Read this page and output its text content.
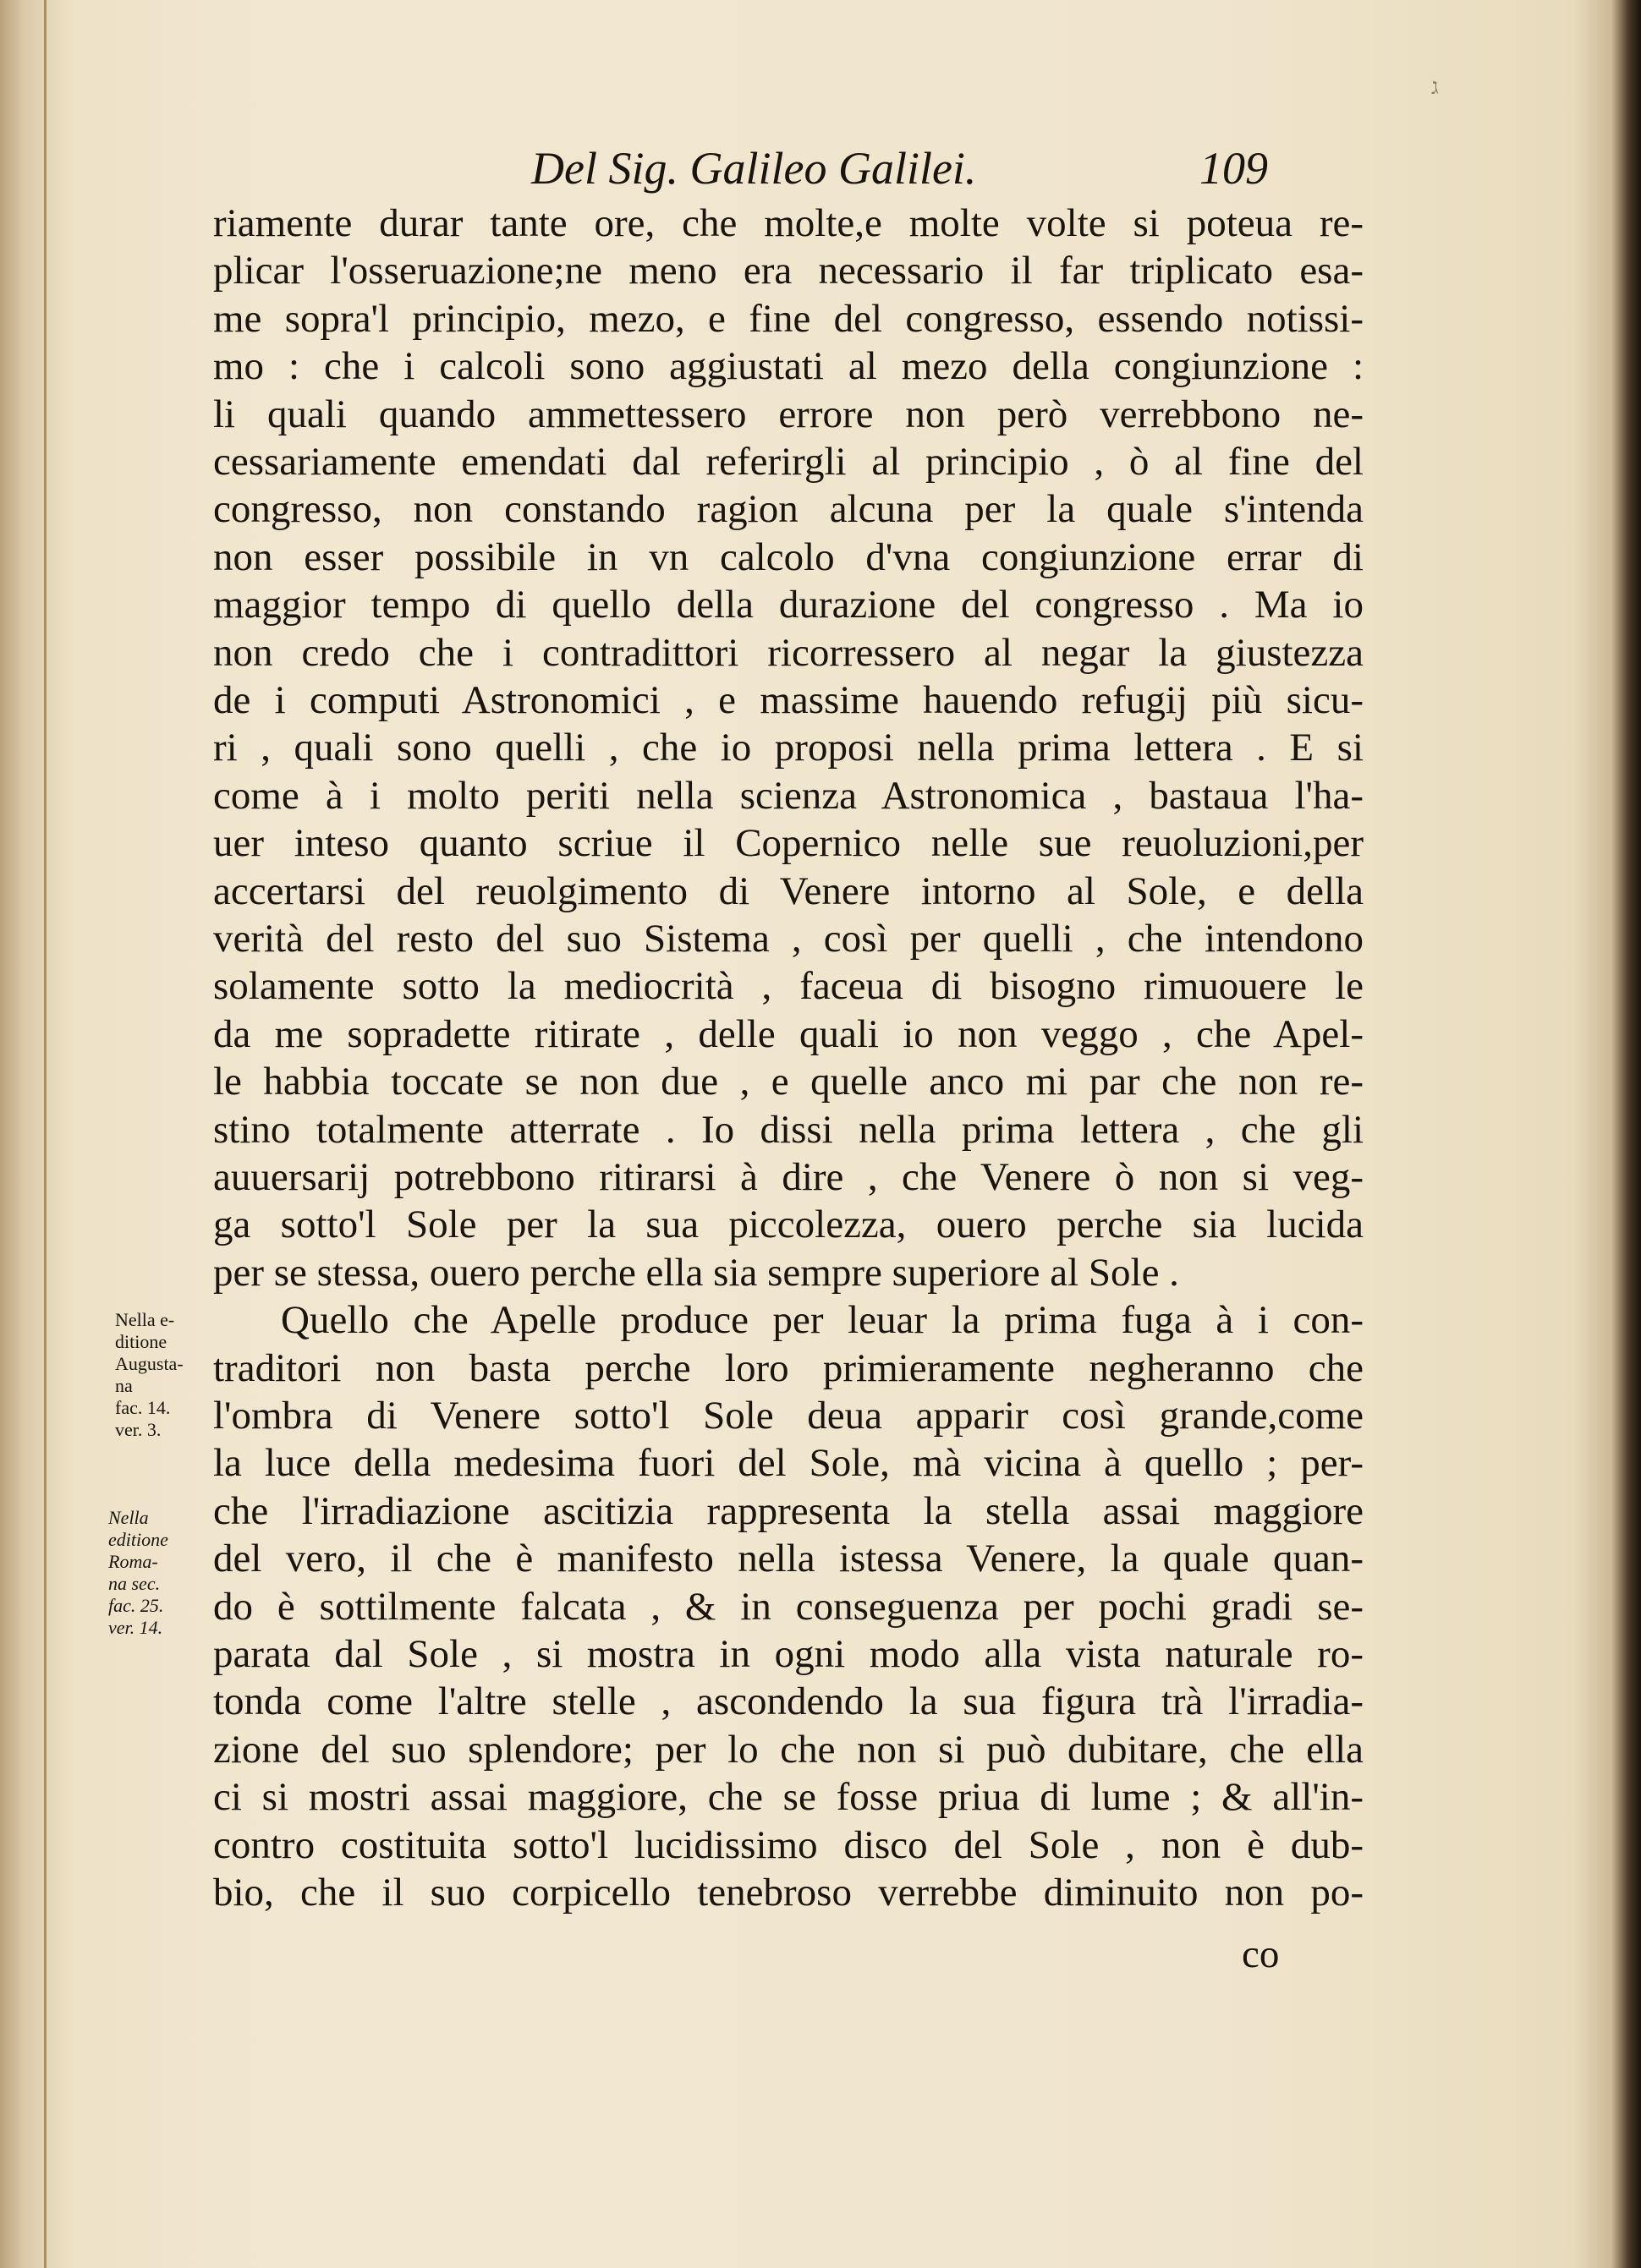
ג
Del Sig. Galileo Galilei.	109
riamente durar tante ore, che molte,e molte volte si poteua re-
plicar l'osseruazione;ne meno era necessario il far triplicato esa-
me sopra'l principio, mezo, e fine del congresso, essendo notissi-
mo : che i calcoli sono aggiustati al mezo della congiunzione :
li quali quando ammettessero errore non però verrebbono ne-
cessariamente emendati dal referirgli al principio , ò al fine del
congresso, non constando ragion alcuna per la quale s'intenda
non esser possibile in vn calcolo d'vna congiunzione errar di
maggior tempo di quello della durazione del congresso . Ma io
non credo che i contradittori ricorressero al negar la giustezza
de i computi Astronomici , e massime hauendo refugij più sicu-
ri , quali sono quelli , che io proposi nella prima lettera . E si
come à i molto periti nella scienza Astronomica , bastaua l'ha-
uer inteso quanto scriue il Copernico nelle sue reuoluzioni,per
accertarsi del reuolgimento di Venere intorno al Sole, e della
verità del resto del suo Sistema , così per quelli , che intendono
solamente sotto la mediocrità , faceua di bisogno rimuouere le
da me sopradette ritirate , delle quali io non veggo , che Apel-
le habbia toccate se non due , e quelle anco mi par che non re-
stino totalmente atterrate . Io dissi nella prima lettera , che gli
auuersarij potrebbono ritirarsi à dire , che Venere ò non si veg-
ga sotto'l Sole per la sua piccolezza, ouero perche sia lucida
per se stessa, ouero perche ella sia sempre superiore al Sole .
Quello che Apelle produce per leuar la prima fuga à i con-
traditori non basta perche loro primieramente negheranno che
l'ombra di Venere sotto'l Sole deua apparir così grande,come
la luce della medesima fuori del Sole, mà vicina à quello ; per-
che l'irradiazione ascitizia rappresenta la stella assai maggiore
del vero, il che è manifesto nella istessa Venere, la quale quan-
do è sottilmente falcata , & in conseguenza per pochi gradi se-
parata dal Sole , si mostra in ogni modo alla vista naturale ro-
tonda come l'altre stelle , ascondendo la sua figura trà l'irradia-
zione del suo splendore; per lo che non si può dubitare, che ella
ci si mostri assai maggiore, che se fosse priua di lume ; & all'in-
contro costituita sotto'l lucidissimo disco del Sole , non è dub-
bio, che il suo corpicello tenebroso verrebbe diminuito non po-
Nella e-
ditione
Augusta-
na
fac. 14.
ver. 3.
Nella
editione
Roma-
na sec.
fac. 25.
ver. 14.
co
